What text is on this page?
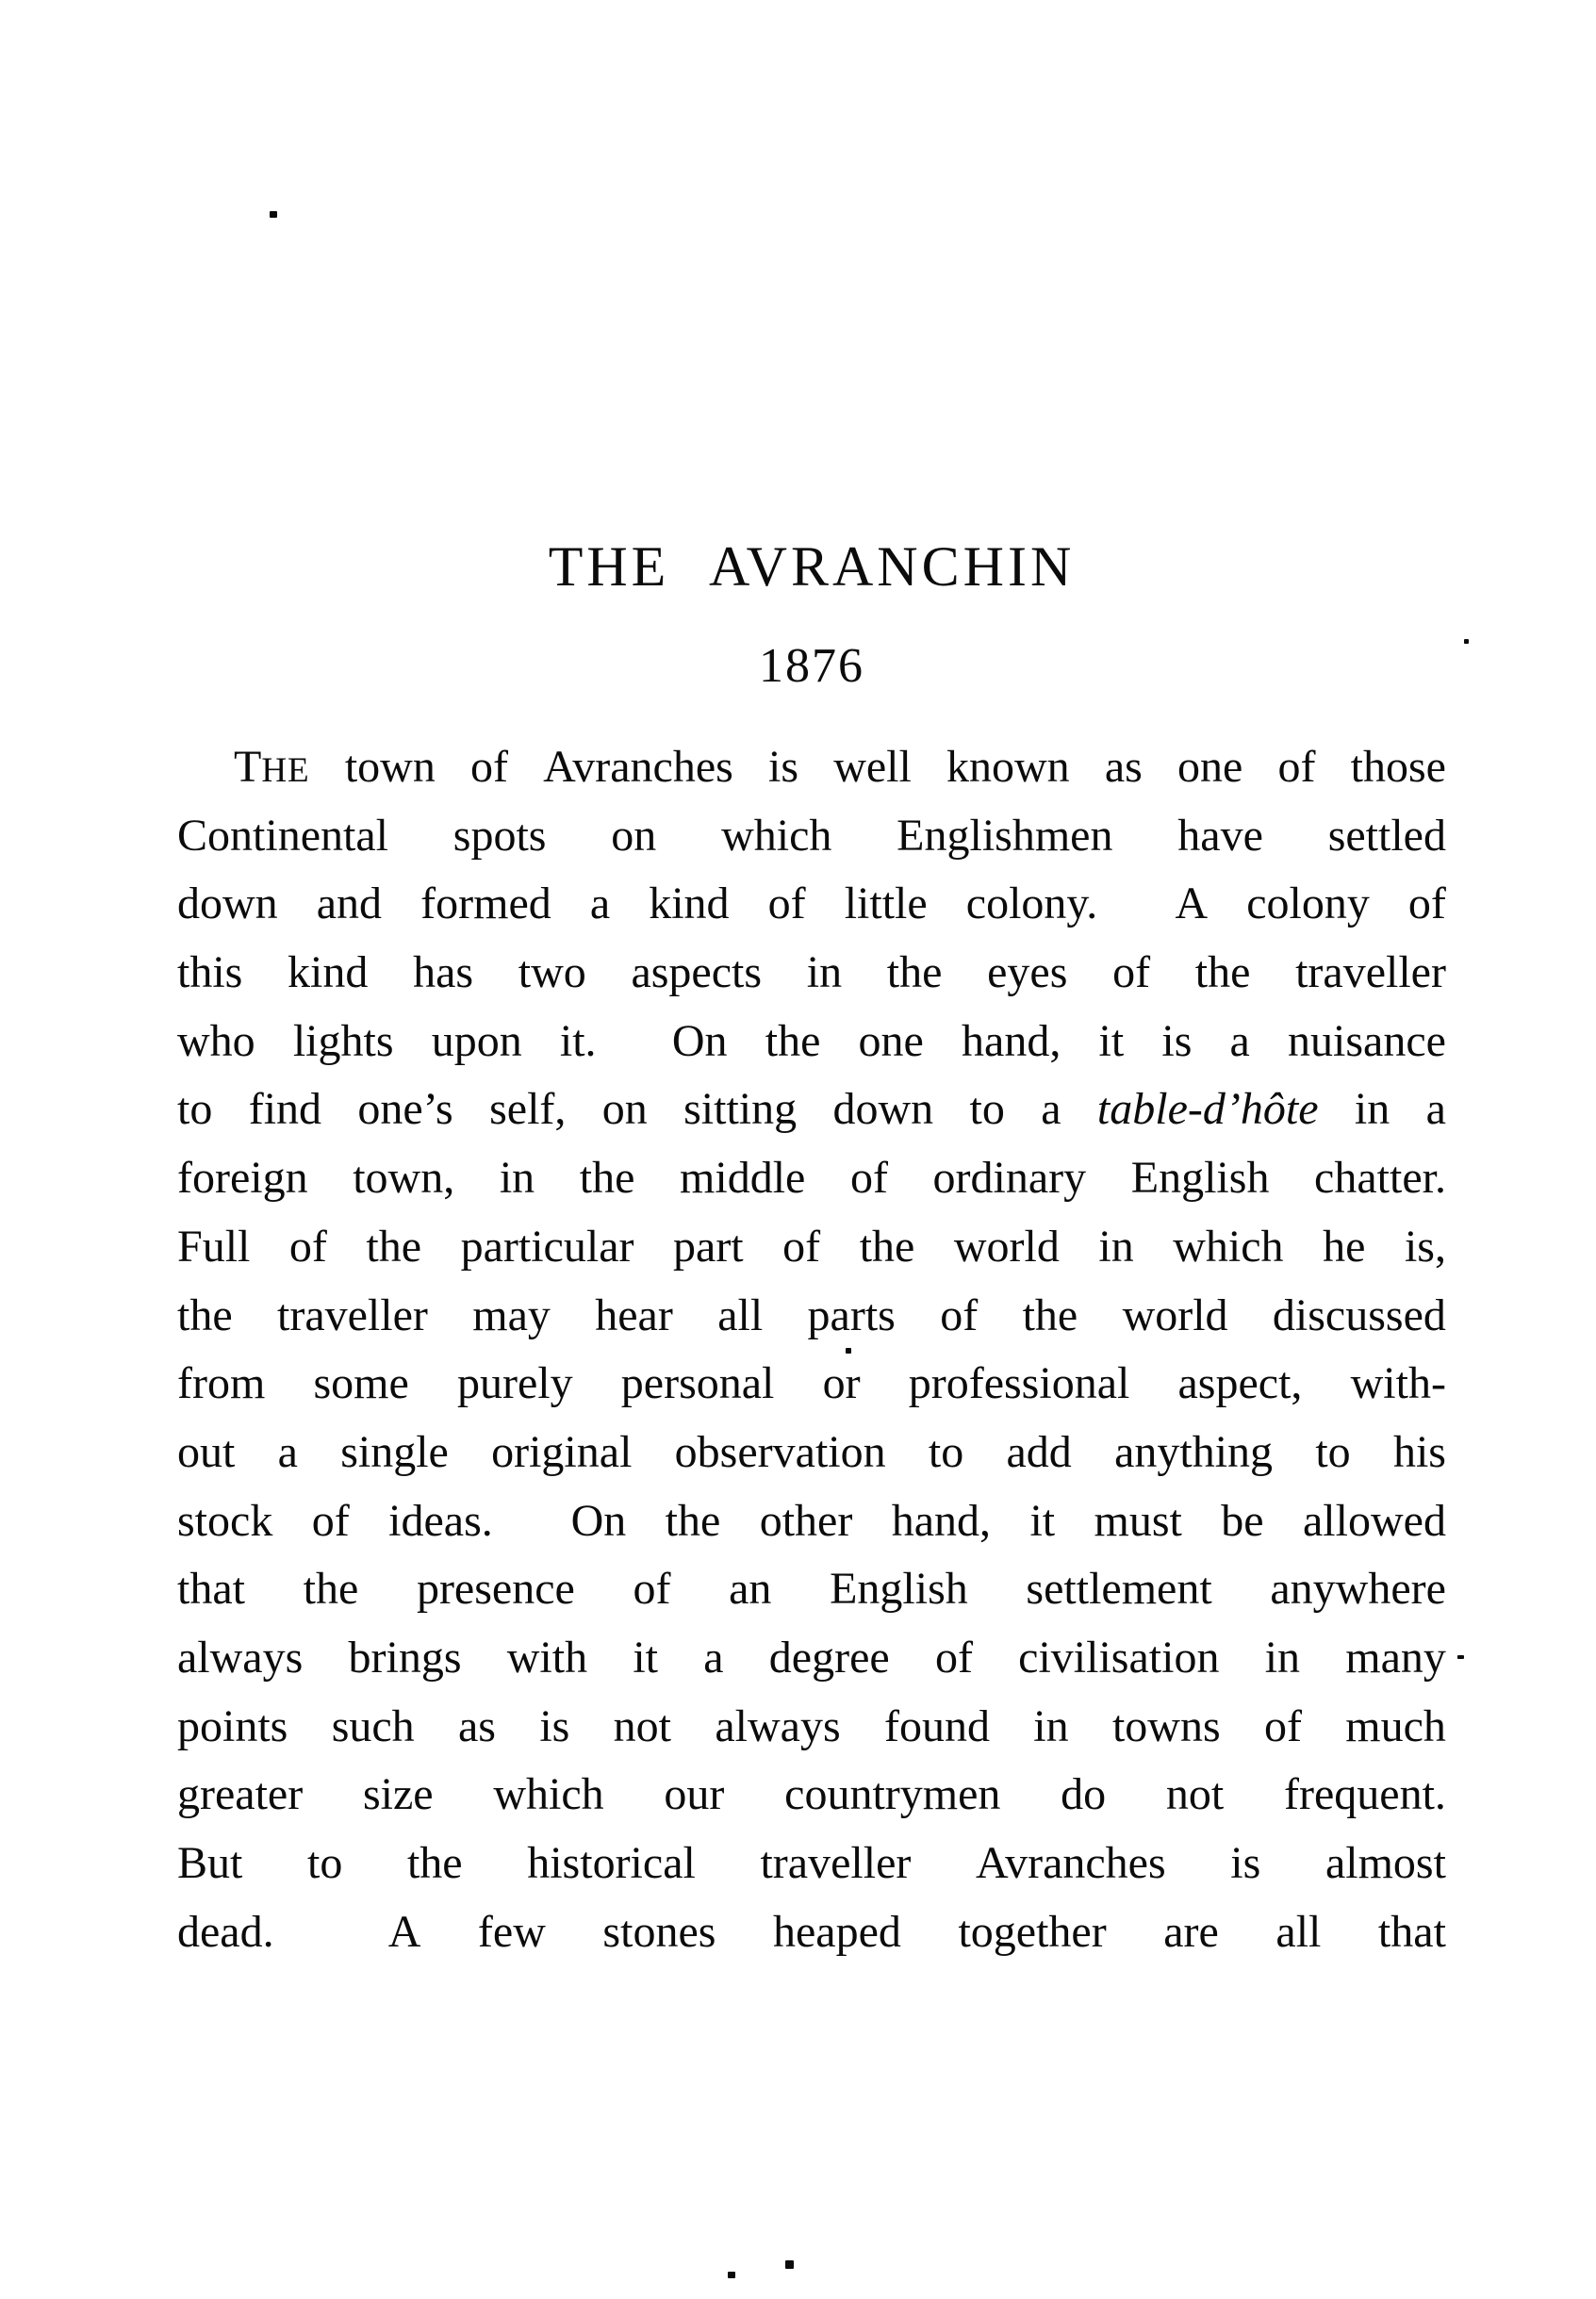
THE AVRANCHIN
1876
THE town of Avranches is well known as one of those
Continental spots on which Englishmen have settled
down and formed a kind of little colony. A colony of
this kind has two aspects in the eyes of the traveller
who lights upon it. On the one hand, it is a nuisance
to find one’s self, on sitting down to a table-d’hôte in a
foreign town, in the middle of ordinary English chatter.
Full of the particular part of the world in which he is,
the traveller may hear all parts of the world discussed
from some purely personal or professional aspect, with-
out a single original observation to add anything to his
stock of ideas. On the other hand, it must be allowed
that the presence of an English settlement anywhere
always brings with it a degree of civilisation in many
points such as is not always found in towns of much
greater size which our countrymen do not frequent.
But to the historical traveller Avranches is almost
dead.	A few stones heaped together are all that
